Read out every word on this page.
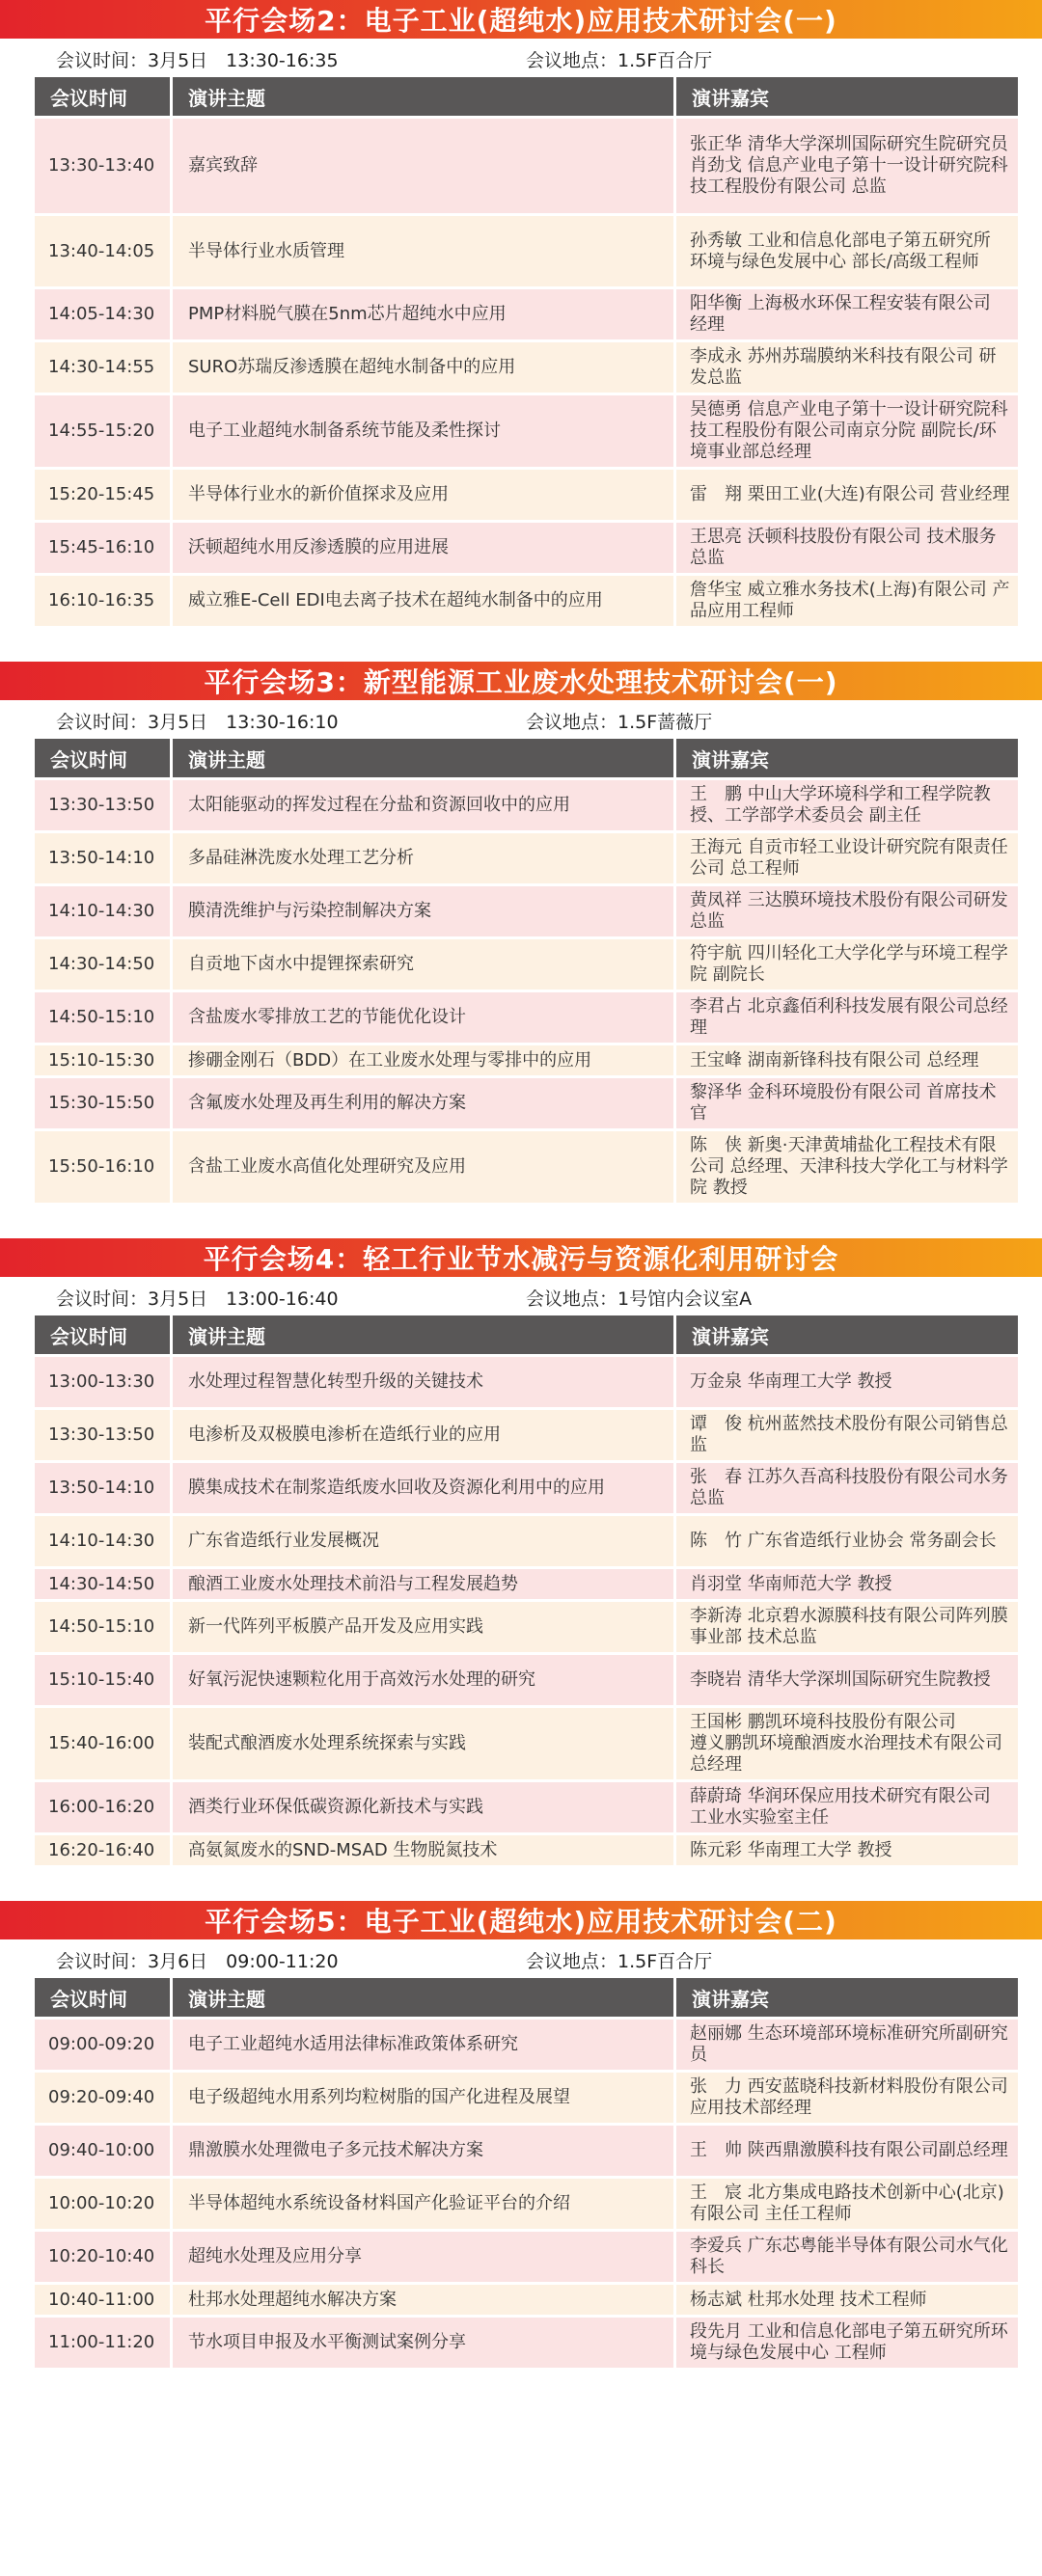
平行会场2：电子工业(超纯水)应用技术研讨会(一)
会议时间：3月5日　13:30-16:35	会议地点：1.5F百合厅
会议时间	演讲主题	演讲嘉宾
13:30-13:40	嘉宾致辞	张正华 清华大学深圳国际研究生院研究员
肖劲戈 信息产业电子第十一设计研究院科技工程股份有限公司 总监
13:40-14:05	半导体行业水质管理	孙秀敏 工业和信息化部电子第五研究所 环境与绿色发展中心 部长/高级工程师
14:05-14:30	PMP材料脱气膜在5nm芯片超纯水中应用	阳华衡 上海极水环保工程安装有限公司 经理
14:30-14:55	SURO苏瑞反渗透膜在超纯水制备中的应用	李成永 苏州苏瑞膜纳米科技有限公司 研发总监
14:55-15:20	电子工业超纯水制备系统节能及柔性探讨	吴德勇 信息产业电子第十一设计研究院科技工程股份有限公司南京分院 副院长/环境事业部总经理
15:20-15:45	半导体行业水的新价值探求及应用	雷　翔 栗田工业(大连)有限公司 营业经理
15:45-16:10	沃顿超纯水用反渗透膜的应用进展	王思亮 沃顿科技股份有限公司 技术服务总监
16:10-16:35	威立雅E-Cell EDI电去离子技术在超纯水制备中的应用	詹华宝 威立雅水务技术(上海)有限公司 产品应用工程师
平行会场3：新型能源工业废水处理技术研讨会(一)
会议时间：3月5日　13:30-16:10	会议地点：1.5F蔷薇厅
会议时间	演讲主题	演讲嘉宾
13:30-13:50	太阳能驱动的挥发过程在分盐和资源回收中的应用	王　鹏 中山大学环境科学和工程学院教授、工学部学术委员会 副主任
13:50-14:10	多晶硅淋洗废水处理工艺分析	王海元 自贡市轻工业设计研究院有限责任公司 总工程师
14:10-14:30	膜清洗维护与污染控制解决方案	黄凤祥 三达膜环境技术股份有限公司研发总监
14:30-14:50	自贡地下卤水中提锂探索研究	符宇航 四川轻化工大学化学与环境工程学院 副院长
14:50-15:10	含盐废水零排放工艺的节能优化设计	李君占 北京鑫佰利科技发展有限公司总经理
15:10-15:30	掺硼金刚石（BDD）在工业废水处理与零排中的应用	王宝峰 湖南新锋科技有限公司 总经理
15:30-15:50	含氟废水处理及再生利用的解决方案	黎泽华 金科环境股份有限公司 首席技术官
15:50-16:10	含盐工业废水高值化处理研究及应用	陈　侠 新奥·天津黄埔盐化工程技术有限公司 总经理、天津科技大学化工与材料学院 教授
平行会场4：轻工行业节水减污与资源化利用研讨会
会议时间：3月5日　13:00-16:40	会议地点：1号馆内会议室A
会议时间	演讲主题	演讲嘉宾
13:00-13:30	水处理过程智慧化转型升级的关键技术	万金泉 华南理工大学 教授
13:30-13:50	电渗析及双极膜电渗析在造纸行业的应用	谭　俊 杭州蓝然技术股份有限公司销售总监
13:50-14:10	膜集成技术在制浆造纸废水回收及资源化利用中的应用	张　春 江苏久吾高科技股份有限公司水务总监
14:10-14:30	广东省造纸行业发展概况	陈　竹 广东省造纸行业协会 常务副会长
14:30-14:50	酿酒工业废水处理技术前沿与工程发展趋势	肖羽堂 华南师范大学 教授
14:50-15:10	新一代阵列平板膜产品开发及应用实践	李新涛 北京碧水源膜科技有限公司阵列膜事业部 技术总监
15:10-15:40	好氧污泥快速颗粒化用于高效污水处理的研究	李晓岩 清华大学深圳国际研究生院教授
15:40-16:00	装配式酿酒废水处理系统探索与实践	王国彬 鹏凯环境科技股份有限公司
遵义鹏凯环境酿酒废水治理技术有限公司 总经理
16:00-16:20	酒类行业环保低碳资源化新技术与实践	薛蔚琦 华润环保应用技术研究有限公司 工业水实验室主任
16:20-16:40	高氨氮废水的SND-MSAD 生物脱氮技术	陈元彩 华南理工大学 教授
平行会场5：电子工业(超纯水)应用技术研讨会(二)
会议时间：3月6日　09:00-11:20	会议地点：1.5F百合厅
会议时间	演讲主题	演讲嘉宾
09:00-09:20	电子工业超纯水适用法律标准政策体系研究	赵丽娜 生态环境部环境标准研究所副研究员
09:20-09:40	电子级超纯水用系列均粒树脂的国产化进程及展望	张　力 西安蓝晓科技新材料股份有限公司 应用技术部经理
09:40-10:00	鼎激膜水处理微电子多元技术解决方案	王　帅 陕西鼎激膜科技有限公司副总经理
10:00-10:20	半导体超纯水系统设备材料国产化验证平台的介绍	王　宸 北方集成电路技术创新中心(北京)有限公司 主任工程师
10:20-10:40	超纯水处理及应用分享	李爱兵 广东芯粤能半导体有限公司水气化科长
10:40-11:00	杜邦水处理超纯水解决方案	杨志斌 杜邦水处理 技术工程师
11:00-11:20	节水项目申报及水平衡测试案例分享	段先月 工业和信息化部电子第五研究所环境与绿色发展中心 工程师
